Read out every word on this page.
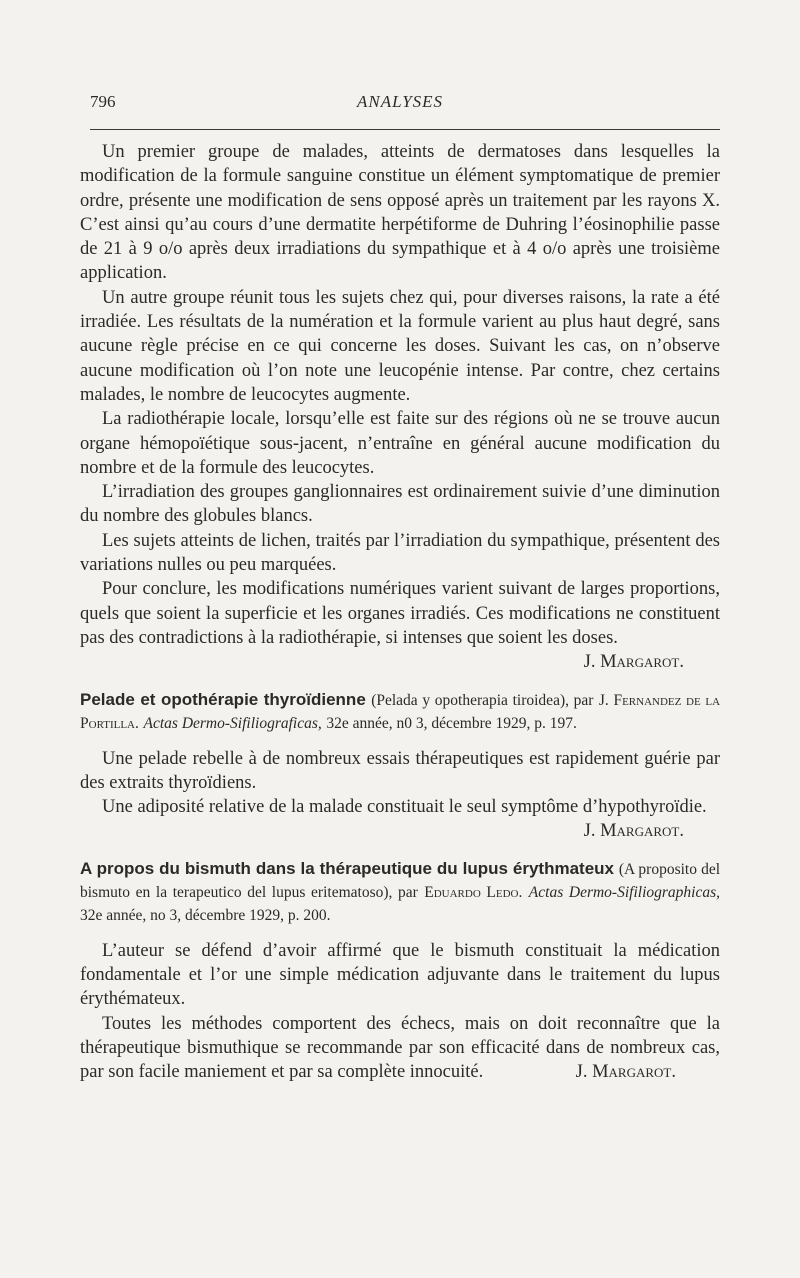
796	ANALYSES

Un premier groupe de malades, atteints de dermatoses dans lesquelles la modification de la formule sanguine constitue un élément symptomatique de premier ordre, présente une modification de sens opposé après un traitement par les rayons X. C’est ainsi qu’au cours d’une dermatite herpétiforme de Duhring l’éosinophilie passe de 21 à 9 o/o après deux irradiations du sympathique et à 4 o/o après une troisième application.

Un autre groupe réunit tous les sujets chez qui, pour diverses raisons, la rate a été irradiée. Les résultats de la numération et la formule varient au plus haut degré, sans aucune règle précise en ce qui concerne les doses. Suivant les cas, on n’observe aucune modification où l’on note une leucopénie intense. Par contre, chez certains malades, le nombre de leucocytes augmente.

La radiothérapie locale, lorsqu’elle est faite sur des régions où ne se trouve aucun organe hémopoïétique sous-jacent, n’entraîne en général aucune modification du nombre et de la formule des leucocytes.

L’irradiation des groupes ganglionnaires est ordinairement suivie d’une diminution du nombre des globules blancs.

Les sujets atteints de lichen, traités par l’irradiation du sympathique, présentent des variations nulles ou peu marquées.

Pour conclure, les modifications numériques varient suivant de larges proportions, quels que soient la superficie et les organes irradiés. Ces modifications ne constituent pas des contradictions à la radiothérapie, si intenses que soient les doses.
J. Margarot.

Pelade et opothérapie thyroïdienne (Pelada y opotherapia tiroidea), par J. Fernandez de la Portilla. Actas Dermo-Sifiliograficas, 32e année, n0 3, décembre 1929, p. 197.

Une pelade rebelle à de nombreux essais thérapeutiques est rapidement guérie par des extraits thyroïdiens.

Une adiposité relative de la malade constituait le seul symptôme d’hypothyroïdie.
J. Margarot.

A propos du bismuth dans la thérapeutique du lupus érythmateux (A proposito del bismuto en la terapeutico del lupus eritematoso), par Eduardo Ledo. Actas Dermo-Sifiliographicas, 32e année, no 3, décembre 1929, p. 200.

L’auteur se défend d’avoir affirmé que le bismuth constituait la médication fondamentale et l’or une simple médication adjuvante dans le traitement du lupus érythémateux.

Toutes les méthodes comportent des échecs, mais on doit reconnaître que la thérapeutique bismuthique se recommande par son efficacité dans de nombreux cas, par son facile maniement et par sa complète innocuité.	J. Margarot.
